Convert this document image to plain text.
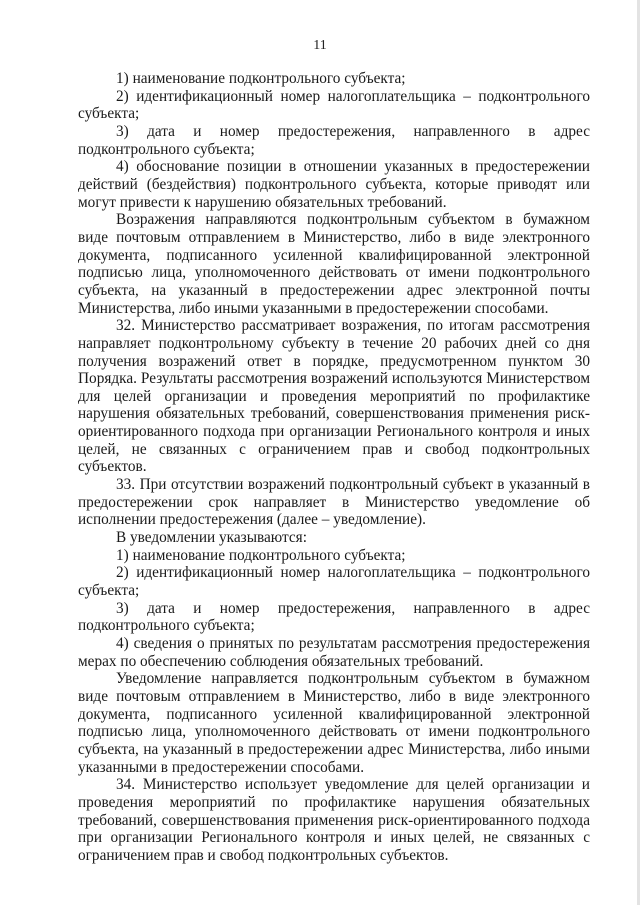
11

1) наименование подконтрольного субъекта;

2) идентификационный номер налогоплательщика – подконтрольного субъекта;

3) дата и номер предостережения, направленного в адрес подконтрольного субъекта;

4) обоснование позиции в отношении указанных в предостережении действий (бездействия) подконтрольного субъекта, которые приводят или могут привести к нарушению обязательных требований.

Возражения направляются подконтрольным субъектом в бумажном виде почтовым отправлением в Министерство, либо в виде электронного документа, подписанного усиленной квалифицированной электронной подписью лица, уполномоченного действовать от имени подконтрольного субъекта, на указанный в предостережении адрес электронной почты Министерства, либо иными указанными в предостережении способами.

32. Министерство рассматривает возражения, по итогам рассмотрения направляет подконтрольному субъекту в течение 20 рабочих дней со дня получения возражений ответ в порядке, предусмотренном пунктом 30 Порядка. Результаты рассмотрения возражений используются Министерством для целей организации и проведения мероприятий по профилактике нарушения обязательных требований, совершенствования применения риск-ориентированного подхода при организации Регионального контроля и иных целей, не связанных с ограничением прав и свобод подконтрольных субъектов.

33. При отсутствии возражений подконтрольный субъект в указанный в предостережении срок направляет в Министерство уведомление об исполнении предостережения (далее – уведомление).

В уведомлении указываются:

1) наименование подконтрольного субъекта;

2) идентификационный номер налогоплательщика – подконтрольного субъекта;

3) дата и номер предостережения, направленного в адрес подконтрольного субъекта;

4) сведения о принятых по результатам рассмотрения предостережения мерах по обеспечению соблюдения обязательных требований.

Уведомление направляется подконтрольным субъектом в бумажном виде почтовым отправлением в Министерство, либо в виде электронного документа, подписанного усиленной квалифицированной электронной подписью лица, уполномоченного действовать от имени подконтрольного субъекта, на указанный в предостережении адрес Министерства, либо иными указанными в предостережении способами.

34. Министерство использует уведомление для целей организации и проведения мероприятий по профилактике нарушения обязательных требований, совершенствования применения риск-ориентированного подхода при организации Регионального контроля и иных целей, не связанных с ограничением прав и свобод подконтрольных субъектов.
